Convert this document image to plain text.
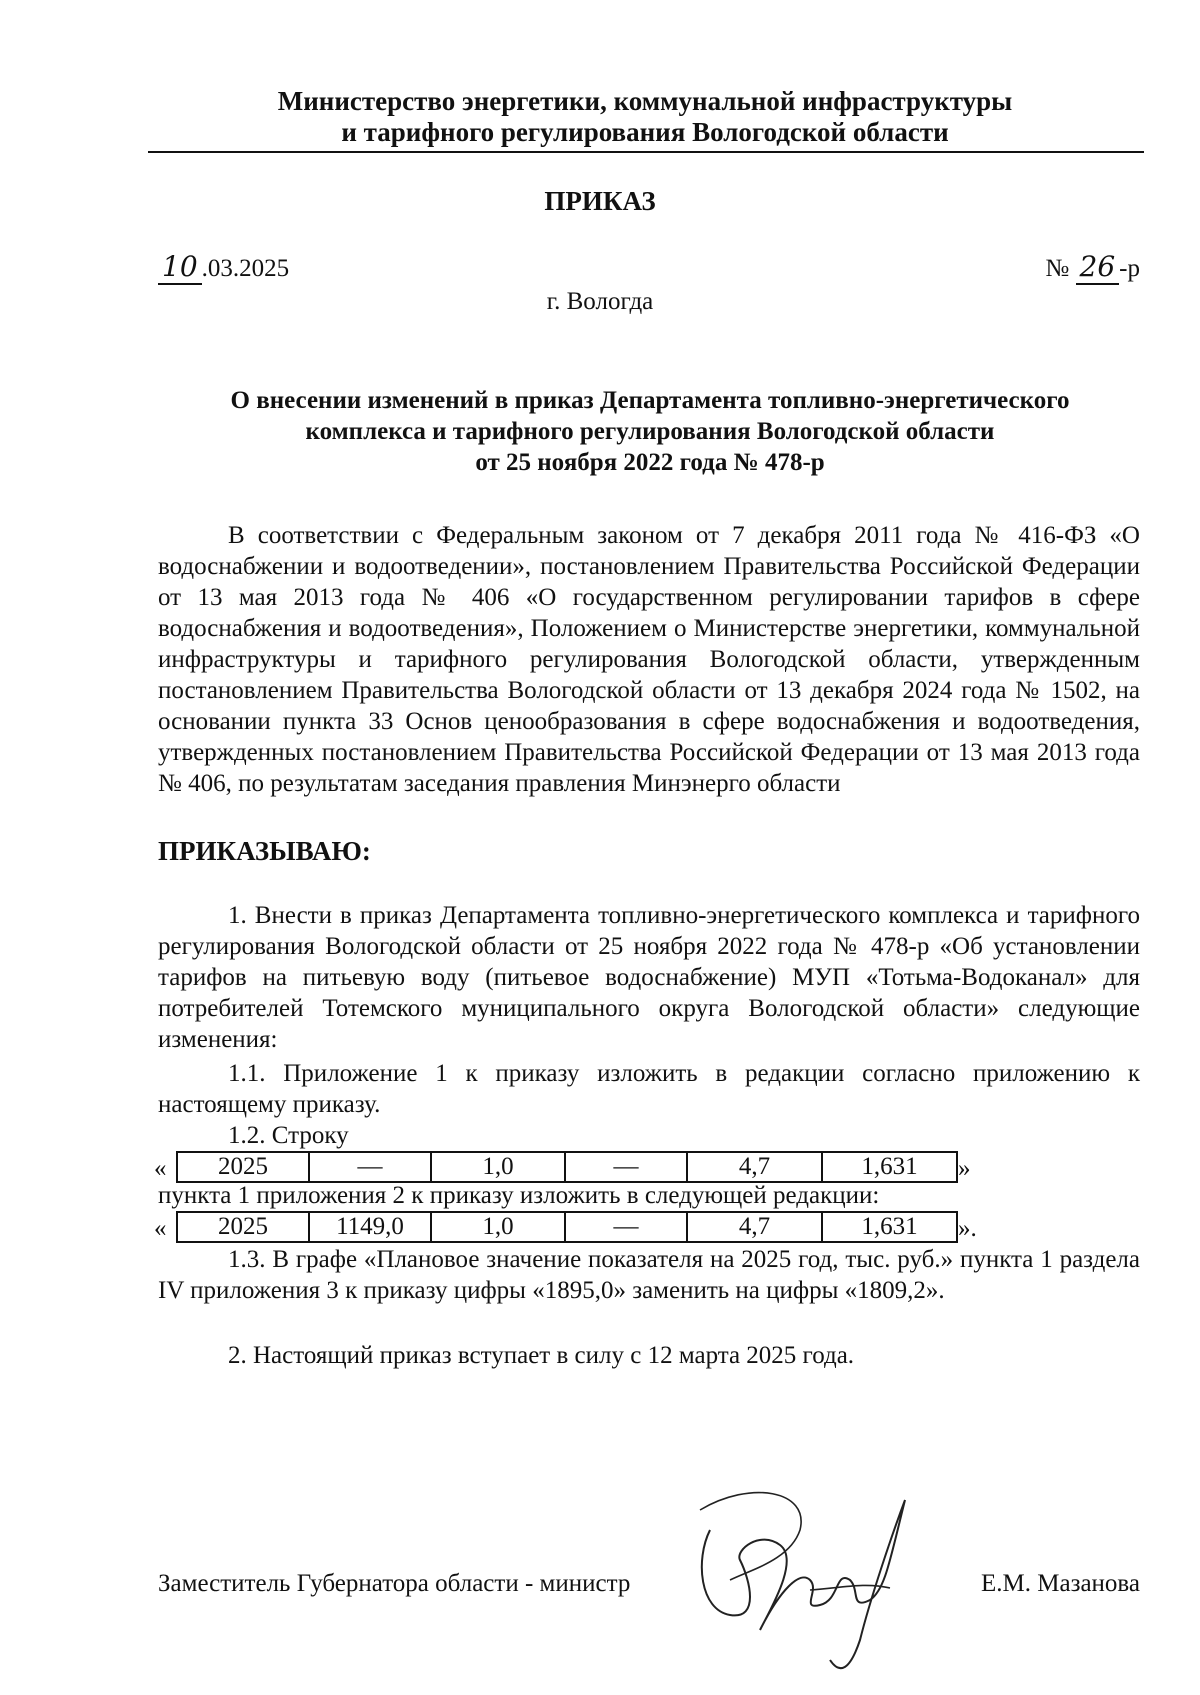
Министерство энергетики, коммунальной инфраструктуры
и тарифного регулирования Вологодской области
ПРИКАЗ
10 .03.2025	№ 26 -р
г. Вологда
О внесении изменений в приказ Департамента топливно-энергетического
комплекса и тарифного регулирования Вологодской области
от 25 ноября 2022 года № 478-р
В соответствии с Федеральным законом от 7 декабря 2011 года № 416-ФЗ «О водоснабжении и водоотведении», постановлением Правительства Российской Федерации от 13 мая 2013 года № 406 «О государственном регулировании тарифов в сфере водоснабжения и водоотведения», Положением о Министерстве энергетики, коммунальной инфраструктуры и тарифного регулирования Вологодской области, утвержденным постановлением Правительства Вологодской области от 13 декабря 2024 года № 1502, на основании пункта 33 Основ ценообразования в сфере водоснабжения и водоотведения, утвержденных постановлением Правительства Российской Федерации от 13 мая 2013 года № 406, по результатам заседания правления Минэнерго области
ПРИКАЗЫВАЮ:
1. Внести в приказ Департамента топливно-энергетического комплекса и тарифного регулирования Вологодской области от 25 ноября 2022 года № 478-р «Об установлении тарифов на питьевую воду (питьевое водоснабжение) МУП «Тотьма-Водоканал» для потребителей Тотемского муниципального округа Вологодской области» следующие изменения:
1.1. Приложение 1 к приказу изложить в редакции согласно приложению к настоящему приказу.
1.2. Строку
« 2025	—	1,0	—	4,7	1,631 »
пункта 1 приложения 2 к приказу изложить в следующей редакции:
« 2025	1149,0	1,0	—	4,7	1,631 ».
1.3. В графе «Плановое значение показателя на 2025 год, тыс. руб.» пункта 1 раздела IV приложения 3 к приказу цифры «1895,0» заменить на цифры «1809,2».
2. Настоящий приказ вступает в силу с 12 марта 2025 года.
Заместитель Губернатора области - министр	Е.М. Мазанова
